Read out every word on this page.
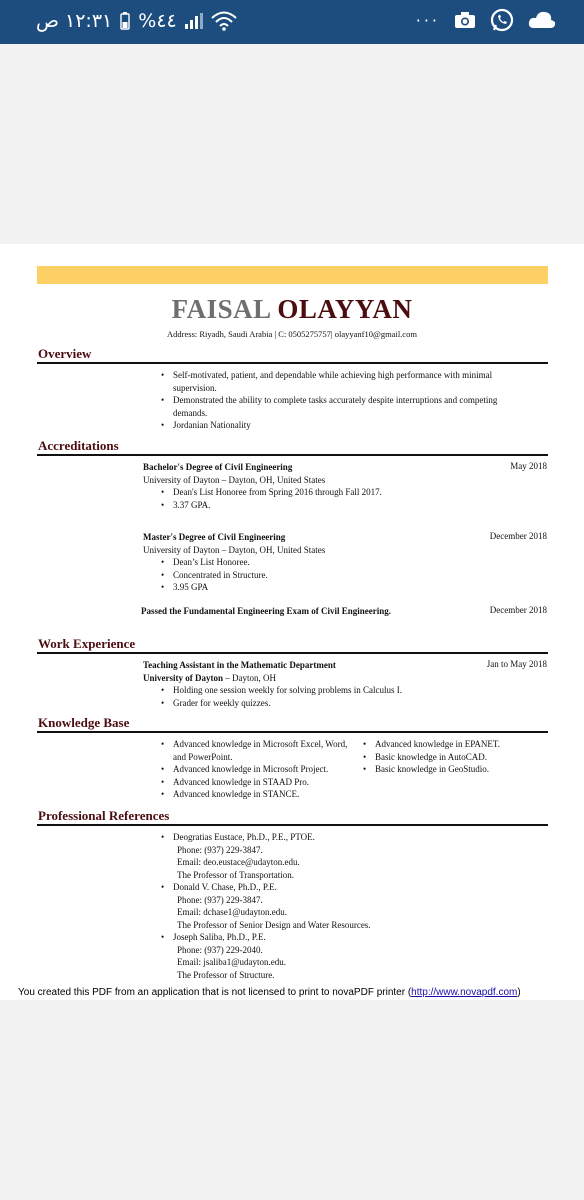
١٢:٣١ ص %٤٤	···
FAISAL OLAYYAN
Address: Riyadh, Saudi Arabia | C: 0505275757| olayyanf10@gmail.com
Overview
• Self-motivated, patient, and dependable while achieving high performance with minimal supervision.
• Demonstrated the ability to complete tasks accurately despite interruptions and competing demands.
• Jordanian Nationality
Accreditations
Bachelor's Degree of Civil Engineering
University of Dayton – Dayton, OH, United States
• Dean's List Honoree from Spring 2016 through Fall 2017.
• 3.37 GPA.
May 2018
Master's Degree of Civil Engineering
University of Dayton – Dayton, OH, United States
• Dean’s List Honoree.
• Concentrated in Structure.
• 3.95 GPA
December 2018
Passed the Fundamental Engineering Exam of Civil Engineering.	December 2018
Work Experience
Teaching Assistant in the Mathematic Department
University of Dayton – Dayton, OH
• Holding one session weekly for solving problems in Calculus I.
• Grader for weekly quizzes.
Jan to May 2018
Knowledge Base
• Advanced knowledge in Microsoft Excel, Word, and PowerPoint.
• Advanced knowledge in Microsoft Project.
• Advanced knowledge in STAAD Pro.
• Advanced knowledge in STANCE.
• Advanced knowledge in EPANET.
• Basic knowledge in AutoCAD.
• Basic knowledge in GeoStudio.
Professional References
• Deogratias Eustace, Ph.D., P.E., PTOE.
Phone: (937) 229-3847.
Email: deo.eustace@udayton.edu.
The Professor of Transportation.
• Donald V. Chase, Ph.D., P.E.
Phone: (937) 229-3847.
Email: dchase1@udayton.edu.
The Professor of Senior Design and Water Resources.
• Joseph Saliba, Ph.D., P.E.
Phone: (937) 229-2040.
Email: jsaliba1@udayton.edu.
The Professor of Structure.
You created this PDF from an application that is not licensed to print to novaPDF printer (http://www.novapdf.com)
